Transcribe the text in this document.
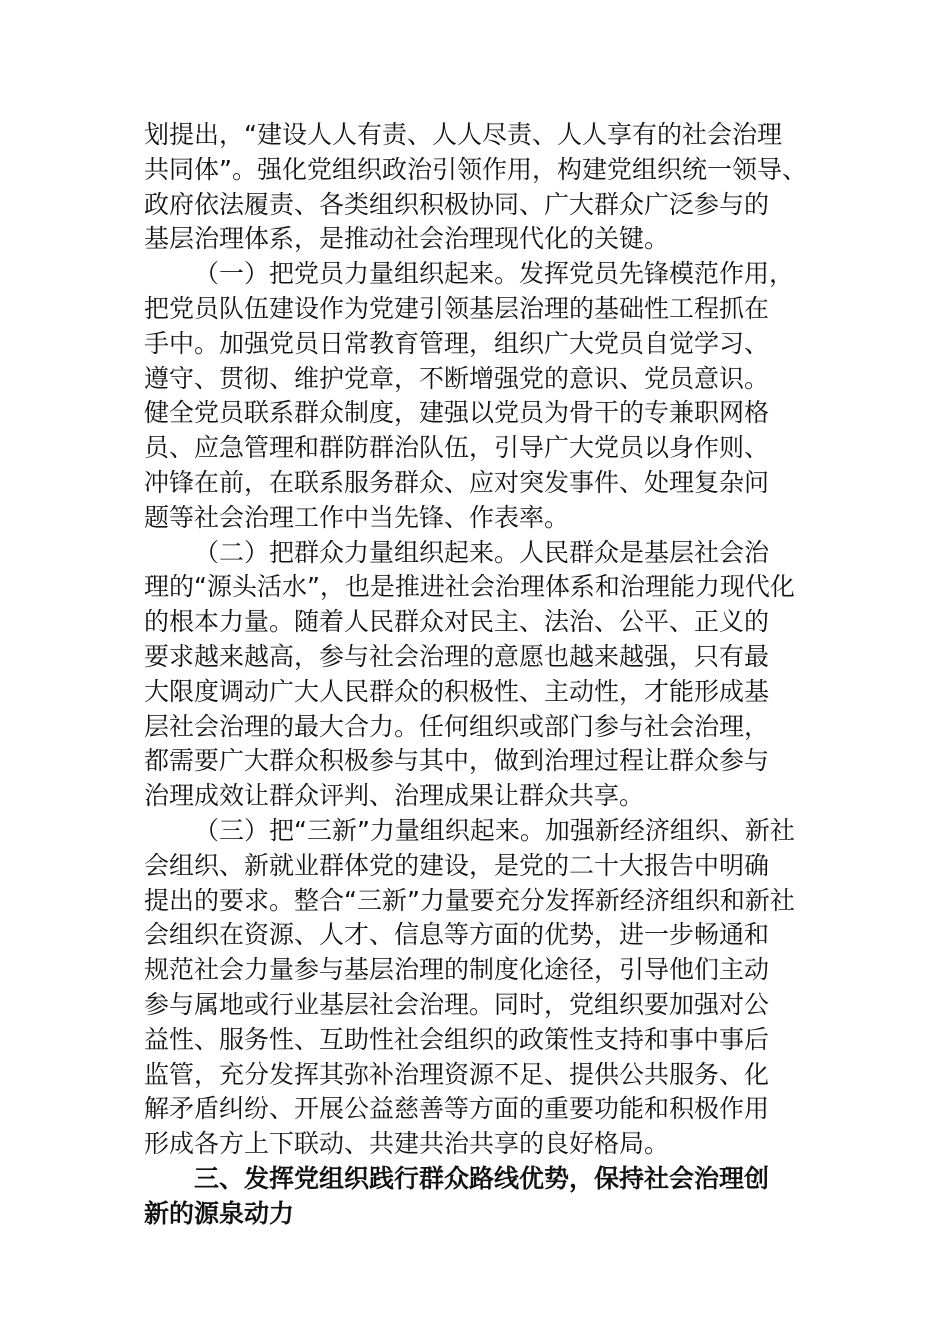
划提出，“建设人人有责、人人尽责、人人享有的社会治理
共同体”。强化党组织政治引领作用，构建党组织统一领导、
政府依法履责、各类组织积极协同、广大群众广泛参与的
基层治理体系，是推动社会治理现代化的关键。
（一）把党员力量组织起来。发挥党员先锋模范作用，
把党员队伍建设作为党建引领基层治理的基础性工程抓在
手中。加强党员日常教育管理，组织广大党员自觉学习、
遵守、贯彻、维护党章，不断增强党的意识、党员意识。
健全党员联系群众制度，建强以党员为骨干的专兼职网格
员、应急管理和群防群治队伍，引导广大党员以身作则、
冲锋在前，在联系服务群众、应对突发事件、处理复杂问
题等社会治理工作中当先锋、作表率。
（二）把群众力量组织起来。人民群众是基层社会治
理的“源头活水”，也是推进社会治理体系和治理能力现代化
的根本力量。随着人民群众对民主、法治、公平、正义的
要求越来越高，参与社会治理的意愿也越来越强，只有最
大限度调动广大人民群众的积极性、主动性，才能形成基
层社会治理的最大合力。任何组织或部门参与社会治理，
都需要广大群众积极参与其中，做到治理过程让群众参与
治理成效让群众评判、治理成果让群众共享。
（三）把“三新”力量组织起来。加强新经济组织、新社
会组织、新就业群体党的建设，是党的二十大报告中明确
提出的要求。整合“三新”力量要充分发挥新经济组织和新社
会组织在资源、人才、信息等方面的优势，进一步畅通和
规范社会力量参与基层治理的制度化途径，引导他们主动
参与属地或行业基层社会治理。同时，党组织要加强对公
益性、服务性、互助性社会组织的政策性支持和事中事后
监管，充分发挥其弥补治理资源不足、提供公共服务、化
解矛盾纠纷、开展公益慈善等方面的重要功能和积极作用
形成各方上下联动、共建共治共享的良好格局。
三、发挥党组织践行群众路线优势，保持社会治理创
新的源泉动力
